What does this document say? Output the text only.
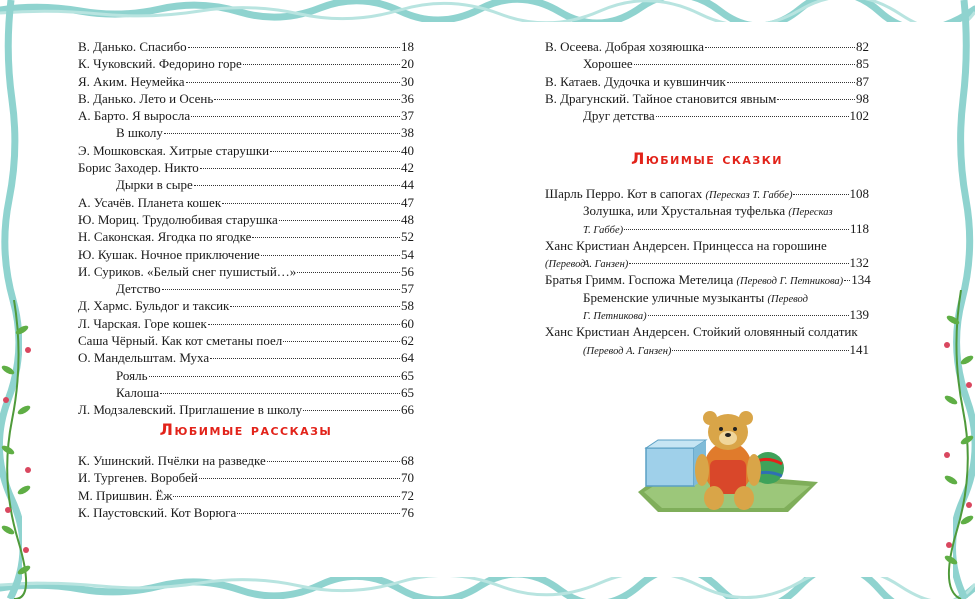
В. Данько. Спасибо	18
К. Чуковский. Федорино горе	20
Я. Аким. Неумейка	30
В. Данько. Лето и Осень	36
А. Барто. Я выросла	37
В школу	38
Э. Мошковская. Хитрые старушки	40
Борис Заходер. Никто	42
Дырки в сыре	44
А. Усачёв. Планета кошек	47
Ю. Мориц. Трудолюбивая старушка	48
Н. Саконская. Ягодка по ягодке	52
Ю. Кушак. Ночное приключение	54
И. Суриков. «Белый снег пушистый…»	56
Детство	57
Д. Хармс. Бульдог и таксик	58
Л. Чарская. Горе кошек	60
Саша Чёрный. Как кот сметаны поел	62
О. Мандельштам. Муха	64
Рояль	65
Калоша	65
Л. Модзалевский. Приглашение в школу	66
Любимые рассказы
К. Ушинский. Пчёлки на разведке	68
И. Тургенев. Воробей	70
М. Пришвин. Ёж	72
К. Паустовский. Кот Ворюга	76
В. Осеева. Добрая хозяюшка	82
Хорошее	85
В. Катаев. Дудочка и кувшинчик	87
В. Драгунский. Тайное становится явным	98
Друг детства	102
Любимые сказки
Шарль Перро. Кот в сапогах (Пересказ Т. Габбе)	108
Золушка, или Хрустальная туфелька (Пересказ
Т. Габбе)	118
Ханс Кристиан Андерсен. Принцесса на горошине (Перевод
А. Ганзен)	132
Братья Гримм. Госпожа Метелица (Перевод Г. Петникова) 134
Бременские уличные музыканты (Перевод
Г. Петникова)	139
Ханс Кристиан Андерсен. Стойкий оловянный солдатик
(Перевод А. Ганзен)	141
